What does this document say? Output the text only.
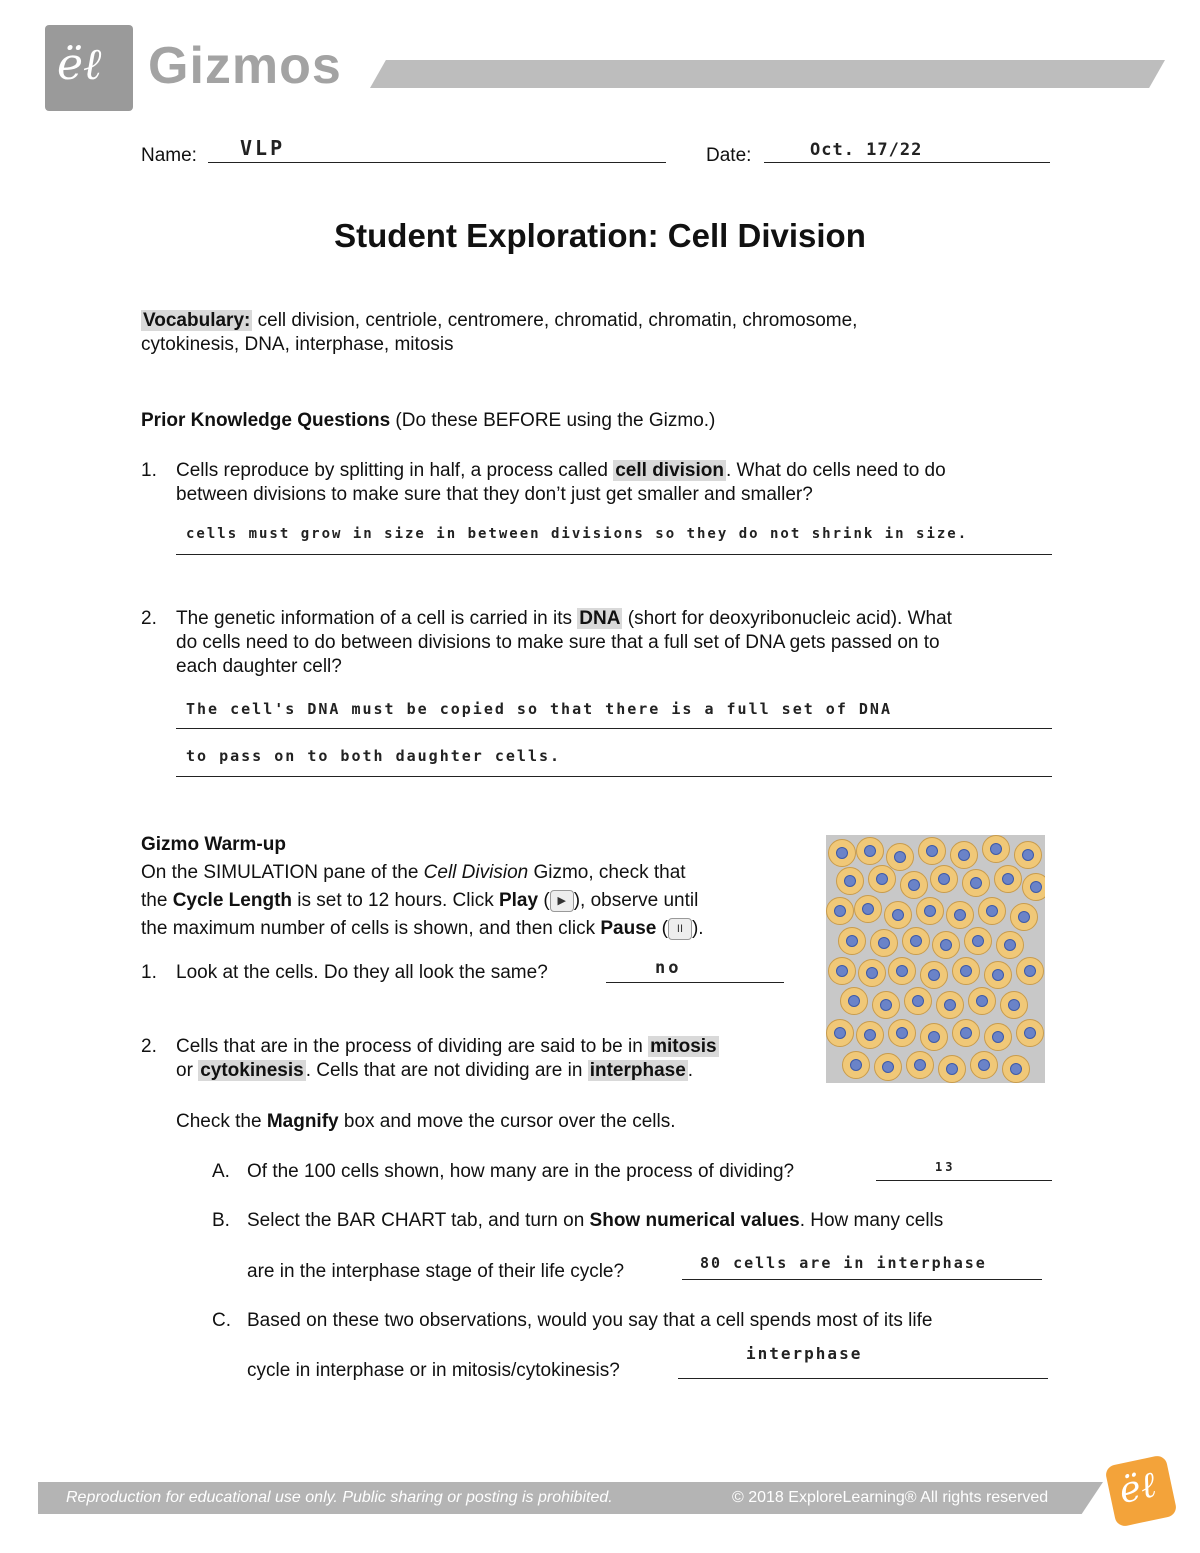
ëℓ Gizmos
Name: VLP	Date:	Oct. 17/22
Student Exploration: Cell Division
Vocabulary: cell division, centriole, centromere, chromatid, chromatin, chromosome,
cytokinesis, DNA, interphase, mitosis
Prior Knowledge Questions (Do these BEFORE using the Gizmo.)
1. Cells reproduce by splitting in half, a process called cell division . What do cells need to do
between divisions to make sure that they don’t just get smaller and smaller?
cells must grow in size in between divisions so they do not shrink in size.
2. The genetic information of a cell is carried in its DNA (short for deoxyribonucleic acid). What
do cells need to do between divisions to make sure that a full set of DNA gets passed on to
each daughter cell?
The cell's DNA must be copied so that there is a full set of DNA
to pass on to both daughter cells.
Gizmo Warm-up
On the SIMULATION pane of the Cell Division Gizmo, check that
the Cycle Length is set to 12 hours. Click Play ( ▶ ), observe until
the maximum number of cells is shown, and then click Pause ( II ).
1. Look at the cells. Do they all look the same?	no
2. Cells that are in the process of dividing are said to be in mitosis
or cytokinesis . Cells that are not dividing are in interphase .
Check the Magnify box and move the cursor over the cells.
A. Of the 100 cells shown, how many are in the process of dividing?	13
B. Select the BAR CHART tab, and turn on Show numerical values. How many cells
are in the interphase stage of their life cycle?	80 cells are in interphase
C. Based on these two observations, would you say that a cell spends most of its life
cycle in interphase or in mitosis/cytokinesis?
interphase
Reproduction for educational use only. Public sharing or posting is prohibited.	© 2018 ExploreLearning® All rights reserved ëℓ
